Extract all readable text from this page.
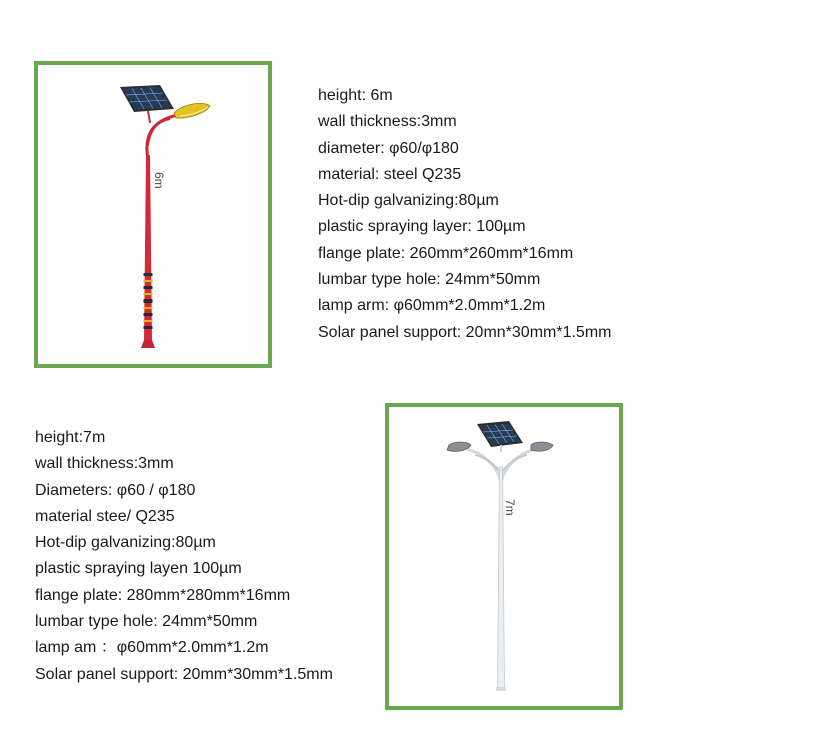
6m
height: 6m
wall thickness:3mm
diameter: φ60/φ180
material: steel Q235
Hot-dip galvanizing:80µm
plastic spraying layer: 100µm
flange plate: 260mm*260mm*16mm
lumbar type hole: 24mm*50mm
lamp arm: φ60mm*2.0mm*1.2m
Solar panel support: 20mn*30mm*1.5mm
height:7m
wall thickness:3mm
Diameters: φ60 / φ180
material stee/ Q235
Hot-dip galvanizing:80µm
plastic spraying layen 100µm
flange plate: 280mm*280mm*16mm
lumbar type hole: 24mm*50mm
lamp am ：φ60mm*2.0mm*1.2m
Solar panel support: 20mm*30mm*1.5mm
7m
